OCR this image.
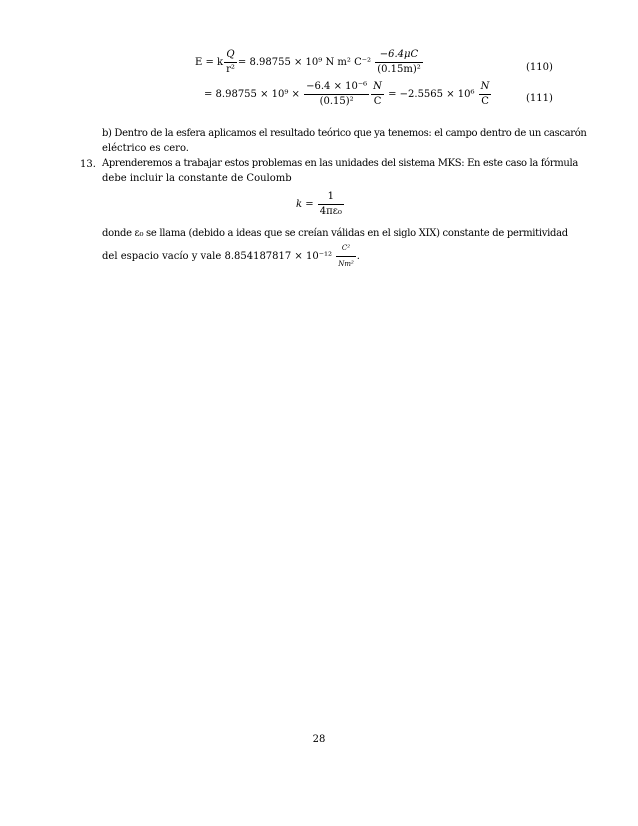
E = k $\frac{Q}{\text{r²}} = 8.98755 \times 10^9$ N m² $C^{-2} \frac{-6.4\mu C}{\text{(0.15m)²}}$	(110)
= $8.98755 \times 10^9 \times \frac{\text{−6.4 × 10⁻⁶}}{\text{(0.15)²}} \frac{N}{C} = -2.5565 \times 10^6 \frac{N}{C}$	(111)
b) Dentro de la esfera aplicamos el resultado teórico que ya tenemos: el campo dentro de un cascarón
eléctrico es cero.
13. Aprenderemos a trabajar estos problemas en las unidades del sistema MKS: En este caso la fórmula
debe incluir la constante de Coulomb
$k = \frac{1}{\text{4πε₀}}$
donde ε₀ se llama (debido a ideas que se creían válidas en el siglo XIX) constante de permitividad
del espacio vacío y vale $8.854187817 \times 10^{-12} \frac{\text{C²}}{\text{Nm²}}$ .
28
